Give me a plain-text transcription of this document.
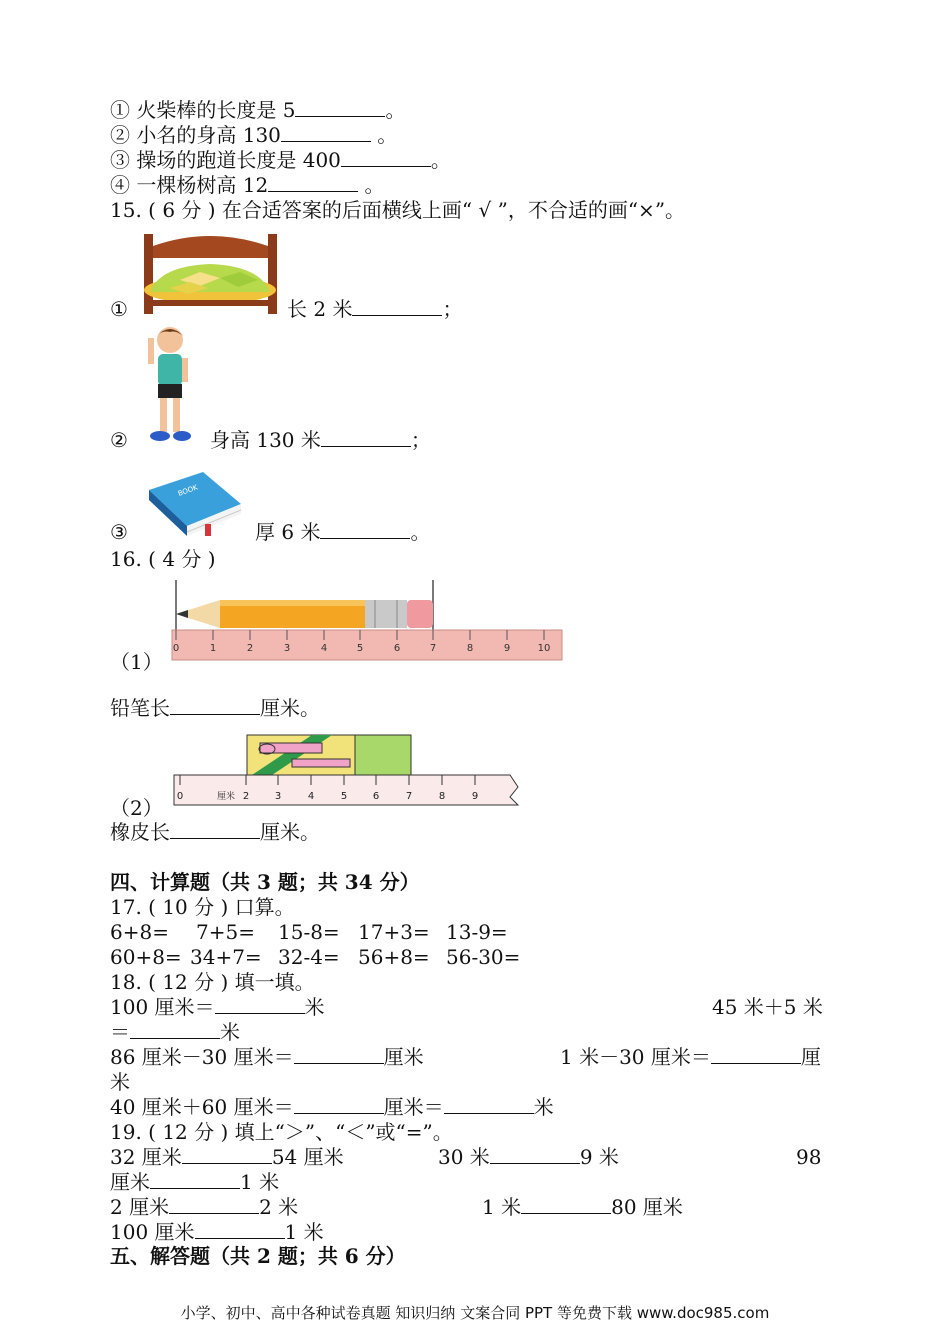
① 火柴棒的长度是 5	。
② 小名的身高 130	。
③ 操场的跑道长度是 400	。
④ 一棵杨树高 12	。
15. ( 6 分 ) 在合适答案的后面横线上画“ √ ”，不合适的画“×”。
①	长 2 米	；
②	身高 130 米	；
BOOK
③	厚 6 米	。
16. ( 4 分 )
0	1	2	3	4	5	6	7	8	9	10
（1）
铅笔长	厘米。
0	厘米 2	3	4	5	6	7	8	9
（2）
橡皮长	厘米。
四、计算题（共 3 题；共 34 分）
17. ( 10 分 ) 口算。
6+8= 7+5= 15-8= 17+3= 13-9=
60+8= 34+7= 32-4= 56+8= 56-30=
18. ( 12 分 ) 填一填。
100 厘米＝	米	45 米＋5 米
＝	米
86 厘米－30 厘米＝	厘米	1 米－30 厘米＝	厘
米
40 厘米＋60 厘米＝	厘米＝	米
19. ( 12 分 ) 填上“＞”、“＜”或“=”。
32 厘米	54 厘米	30 米	9 米	98
厘米	1 米
2 厘米	2 米	1 米	80 厘米
100 厘米	1 米
五、解答题（共 2 题；共 6 分）
小学、初中、高中各种试卷真题 知识归纳 文案合同 PPT 等免费下载 www.doc985.com
